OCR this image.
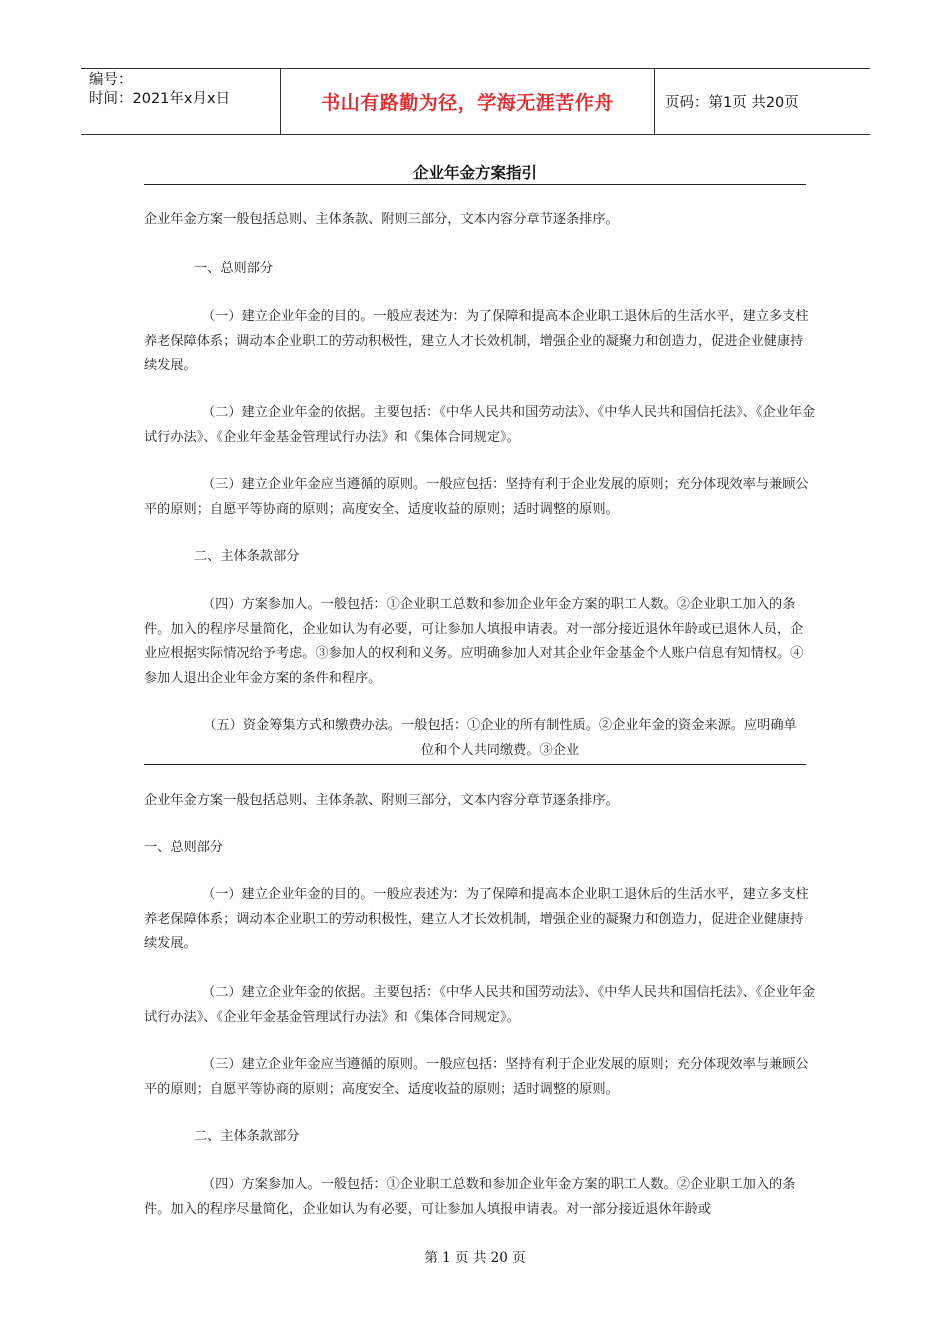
编号：
时间：2021年x月x日	书山有路勤为径，学海无涯苦作舟	页码：第1页 共20页
企业年金方案指引
企业年金方案一般包括总则、主体条款、附则三部分，文本内容分章节逐条排序。
一、总则部分
（一）建立企业年金的目的。一般应表述为：为了保障和提高本企业职工退休后的生活水平，建立多支柱养老保障体系；调动本企业职工的劳动积极性，建立人才长效机制，增强企业的凝聚力和创造力，促进企业健康持续发展。
（二）建立企业年金的依据。主要包括：《中华人民共和国劳动法》、《中华人民共和国信托法》、《企业年金试行办法》、《企业年金基金管理试行办法》和《集体合同规定》。
（三）建立企业年金应当遵循的原则。一般应包括：坚持有利于企业发展的原则；充分体现效率与兼顾公平的原则；自愿平等协商的原则；高度安全、适度收益的原则；适时调整的原则。
二、主体条款部分
（四）方案参加人。一般包括：①企业职工总数和参加企业年金方案的职工人数。②企业职工加入的条件。加入的程序尽量简化，企业如认为有必要，可让参加人填报申请表。对一部分接近退休年龄或已退休人员，企业应根据实际情况给予考虑。③参加人的权利和义务。应明确参加人对其企业年金基金个人账户信息有知情权。④参加人退出企业年金方案的条件和程序。
（五）资金筹集方式和缴费办法。一般包括：①企业的所有制性质。②企业年金的资金来源。应明确单位和个人共同缴费。③企业
企业年金方案一般包括总则、主体条款、附则三部分，文本内容分章节逐条排序。
一、总则部分
（一）建立企业年金的目的。一般应表述为：为了保障和提高本企业职工退休后的生活水平，建立多支柱养老保障体系；调动本企业职工的劳动积极性，建立人才长效机制，增强企业的凝聚力和创造力，促进企业健康持续发展。
（二）建立企业年金的依据。主要包括：《中华人民共和国劳动法》、《中华人民共和国信托法》、《企业年金试行办法》、《企业年金基金管理试行办法》和《集体合同规定》。
（三）建立企业年金应当遵循的原则。一般应包括：坚持有利于企业发展的原则；充分体现效率与兼顾公平的原则；自愿平等协商的原则；高度安全、适度收益的原则；适时调整的原则。
二、主体条款部分
（四）方案参加人。一般包括：①企业职工总数和参加企业年金方案的职工人数。②企业职工加入的条件。加入的程序尽量简化，企业如认为有必要，可让参加人填报申请表。对一部分接近退休年龄或
第 1 页 共 20 页
